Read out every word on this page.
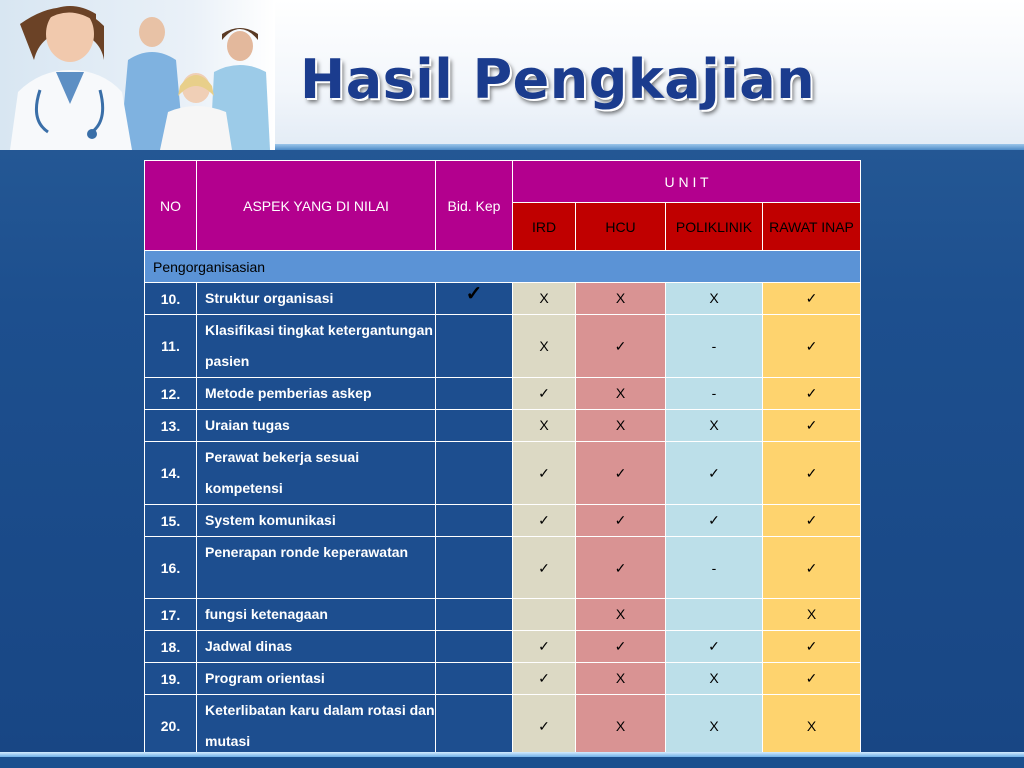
Hasil Pengkajian
NO	ASPEK YANG DI NILAI	Bid. Kep	U N I T			
			IRD	HCU	POLIKLINIK	RAWAT INAP
Pengorganisasian						
10.	Struktur organisasi	✓	X	X	X	✓
11.	Klasifikasi tingkat ketergantungan pasien		X	✓	-	✓
12.	Metode pemberias askep		✓	X	-	✓
13.	Uraian tugas		X	X	X	✓
14.	Perawat bekerja sesuai kompetensi		✓	✓	✓	✓
15.	System komunikasi		✓	✓	✓	✓
16.	Penerapan ronde keperawatan		✓	✓	-	✓
17.	fungsi ketenagaan			X		X
18.	Jadwal dinas		✓	✓	✓	✓
19.	Program orientasi		✓	X	X	✓
20.	Keterlibatan karu dalam rotasi dan mutasi		✓	X	X	X
